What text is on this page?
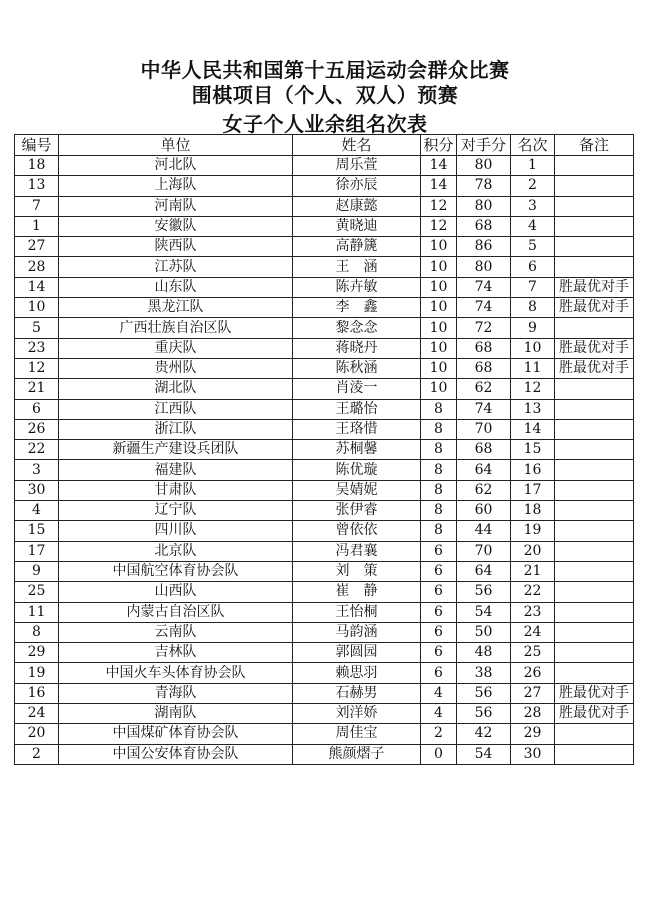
中华人民共和国第十五届运动会群众比赛
围棋项目（个人、双人）预赛
女子个人业余组名次表
编号	单位	姓名	积分	对手分	名次	备注
18	河北队	周乐萱	14	80	1	
13	上海队	徐亦辰	14	78	2	
7	河南队	赵康懿	12	80	3	
1	安徽队	黄晓迪	12	68	4	
27	陕西队	高静篪	10	86	5	
28	江苏队	王　涵	10	80	6	
14	山东队	陈卉敏	10	74	7	胜最优对手
10	黑龙江队	李　鑫	10	74	8	胜最优对手
5	广西壮族自治区队	黎念念	10	72	9	
23	重庆队	蒋晓丹	10	68	10	胜最优对手
12	贵州队	陈秋涵	10	68	11	胜最优对手
21	湖北队	肖淩一	10	62	12	
6	江西队	王璐怡	8	74	13	
26	浙江队	王珞惜	8	70	14	
22	新疆生产建设兵团队	苏桐馨	8	68	15	
3	福建队	陈优璇	8	64	16	
30	甘肃队	吴婧妮	8	62	17	
4	辽宁队	张伊睿	8	60	18	
15	四川队	曾依依	8	44	19	
17	北京队	冯君襄	6	70	20	
9	中国航空体育协会队	刘　策	6	64	21	
25	山西队	崔　静	6	56	22	
11	内蒙古自治区队	王怡桐	6	54	23	
8	云南队	马韵涵	6	50	24	
29	吉林队	郭圆园	6	48	25	
19	中国火车头体育协会队	赖思羽	6	38	26	
16	青海队	石赫男	4	56	27	胜最优对手
24	湖南队	刘洋娇	4	56	28	胜最优对手
20	中国煤矿体育协会队	周佳宝	2	42	29	
2	中国公安体育协会队	熊颜熠子	0	54	30	
